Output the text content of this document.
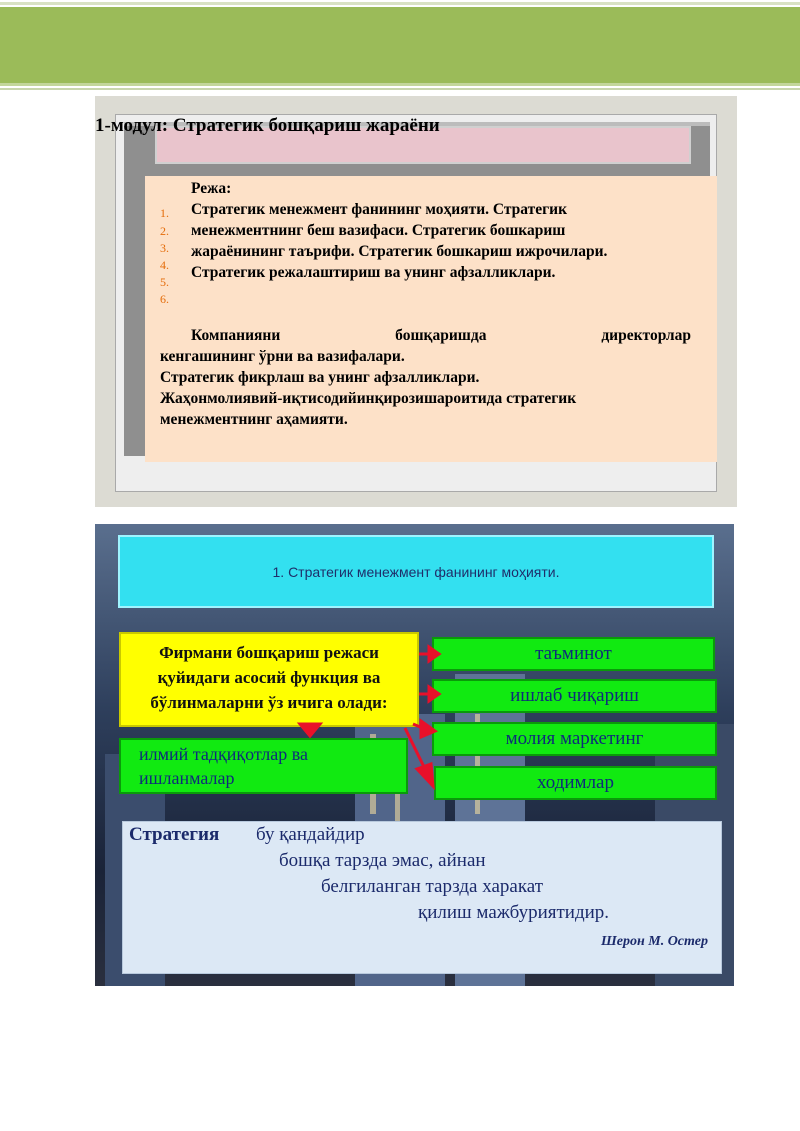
1-модул: Стратегик бошқариш жараёни
Режа:
1.
2.
3.
4.
5.
6.
Стратегик менежмент фанининг моҳияти. Стратегик
менежментнинг беш вазифаси. Стратегик бошкариш
жараёнининг таърифи. Стратегик бошкариш ижрочилари.
Стратегик режалаштириш ва унинг афзалликлари.
Компанияни	бошқаришда	директорлар
кенгашининг ўрни ва вазифалари.
Стратегик фикрлаш ва унинг афзалликлари.
Жаҳонмолиявий-иқтисодийинқирозишароитида стратегик
менежментнинг аҳамияти.
1. Стратегик менежмент фанининг моҳияти.
Фирмани бошқариш режаси
қуйидаги асосий функция ва
бўлинмаларни ўз ичига олади:
таъминот
ишлаб чиқариш
молия маркетинг
ходимлар
илмий тадқиқотлар ва
ишланмалар
Стратегия бу қандайдир
бошқа тарзда эмас, айнан
белгиланган тарзда харакат
қилиш мажбуриятидир.
Шерон М. Остер
